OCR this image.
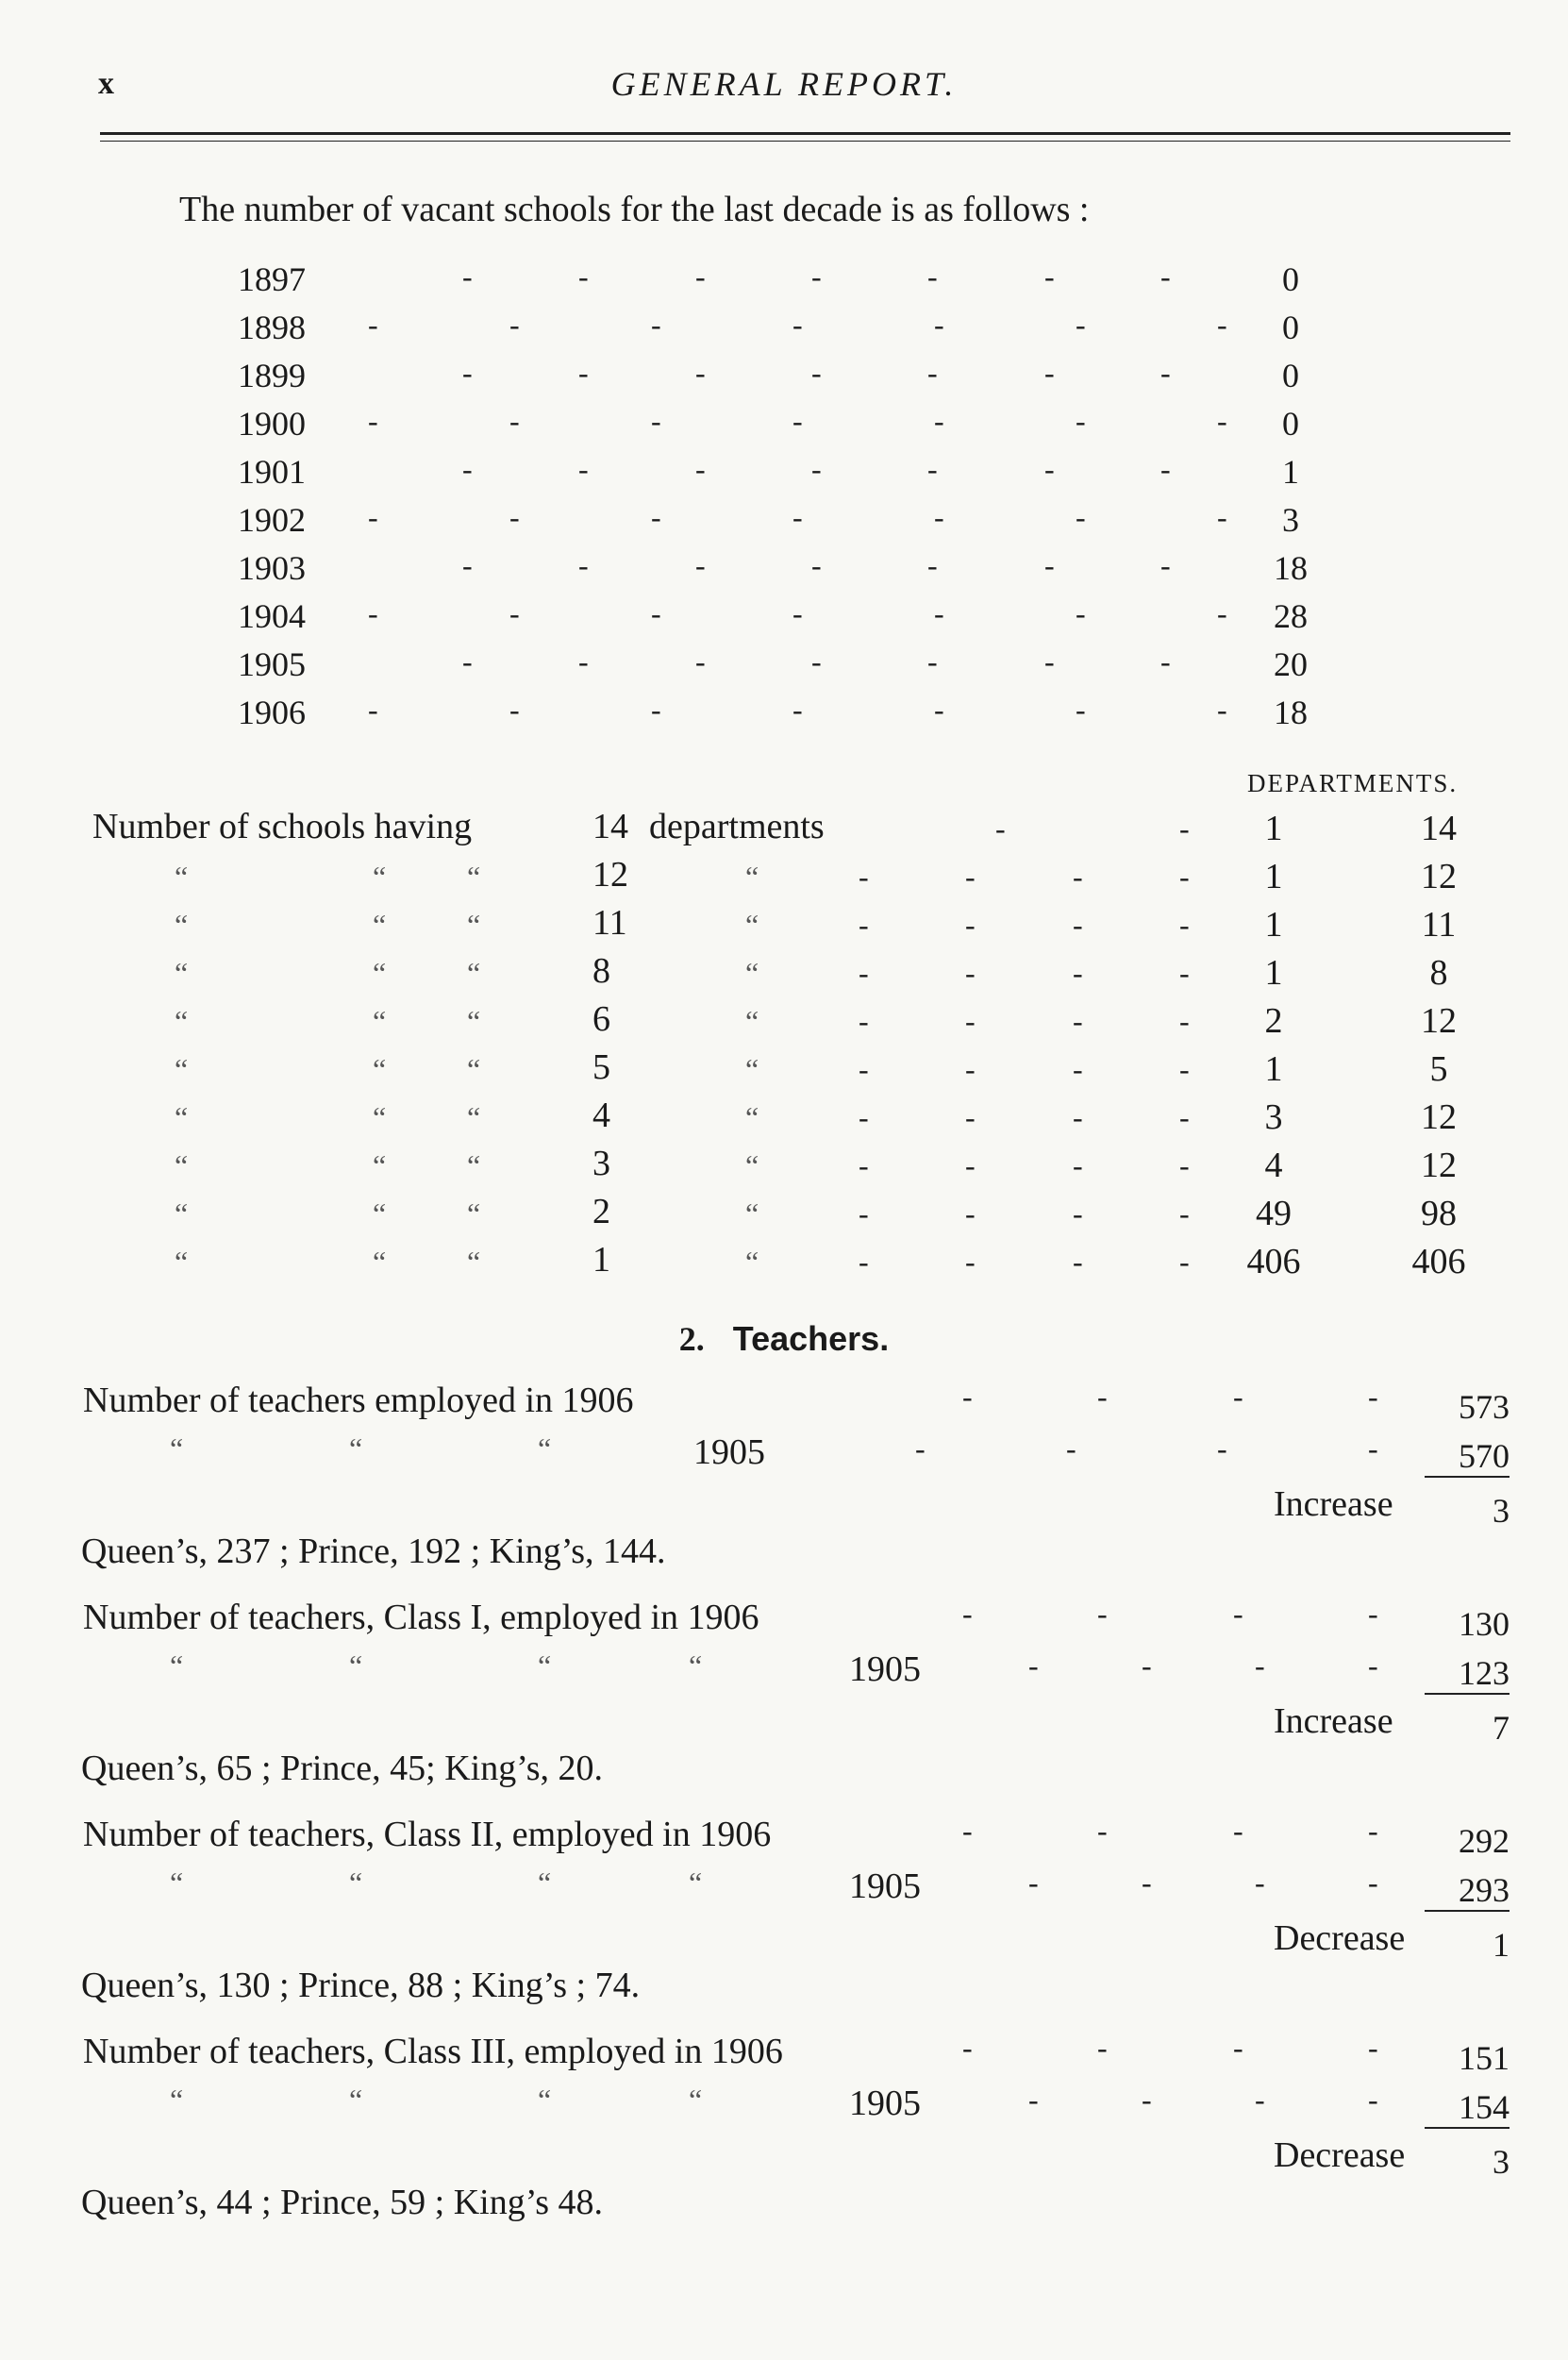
x	GENERAL REPORT.
The number of vacant schools for the last decade is as follows :
DEPARTMENTS.
2. Teachers.
1897	-	-	-	-	-	-	-	0
1898 -	-	-	-	-	-	-	0
1899	-	-	-	-	-	-	-	0
1900 -	-	-	-	-	-	-	0
1901	-	-	-	-	-	-	-	1
1902 -	-	-	-	-	-	-	3
1903	-	-	-	-	-	-	-	18
1904 -	-	-	-	-	-	-	28
1905	-	-	-	-	-	-	-	20
1906 -	-	-	-	-	-	-	18
Number of schools having	14 departments	-	-	1	14
“	“	“	12	“	-	-	-	-	1	12
“	“	“	11	“	-	-	-	-	1	11
“	“	“	8	“	-	-	-	-	1	8
“	“	“	6	“	-	-	-	-	2	12
“	“	“	5	“	-	-	-	-	1	5
“	“	“	4	“	-	-	-	-	3	12
“	“	“	3	“	-	-	-	-	4	12
“	“	“	2	“	-	-	-	-	49	98
“	“	“	1	“	-	-	-	-	406	406
Number of teachers employed in 1906	-	-	-	-	573
“	“	“	1905	-	-	-	-	570
Increase	3
Queen’s, 237 ; Prince, 192 ; King’s, 144.
Number of teachers, Class I, employed in 1906	-	-	-	-	130
“	“	“	“	1905	-	-	-	-	123
Increase	7
Queen’s, 65 ; Prince, 45; King’s, 20.
Number of teachers, Class II, employed in 1906	-	-	-	-	292
“	“	“	“	1905	-	-	-	-	293
Decrease	1
Queen’s, 130 ; Prince, 88 ; King’s ; 74.
Number of teachers, Class III, employed in 1906	-	-	-	-	151
“	“	“	“	1905	-	-	-	-	154
Decrease	3
Queen’s, 44 ; Prince, 59 ; King’s 48.
